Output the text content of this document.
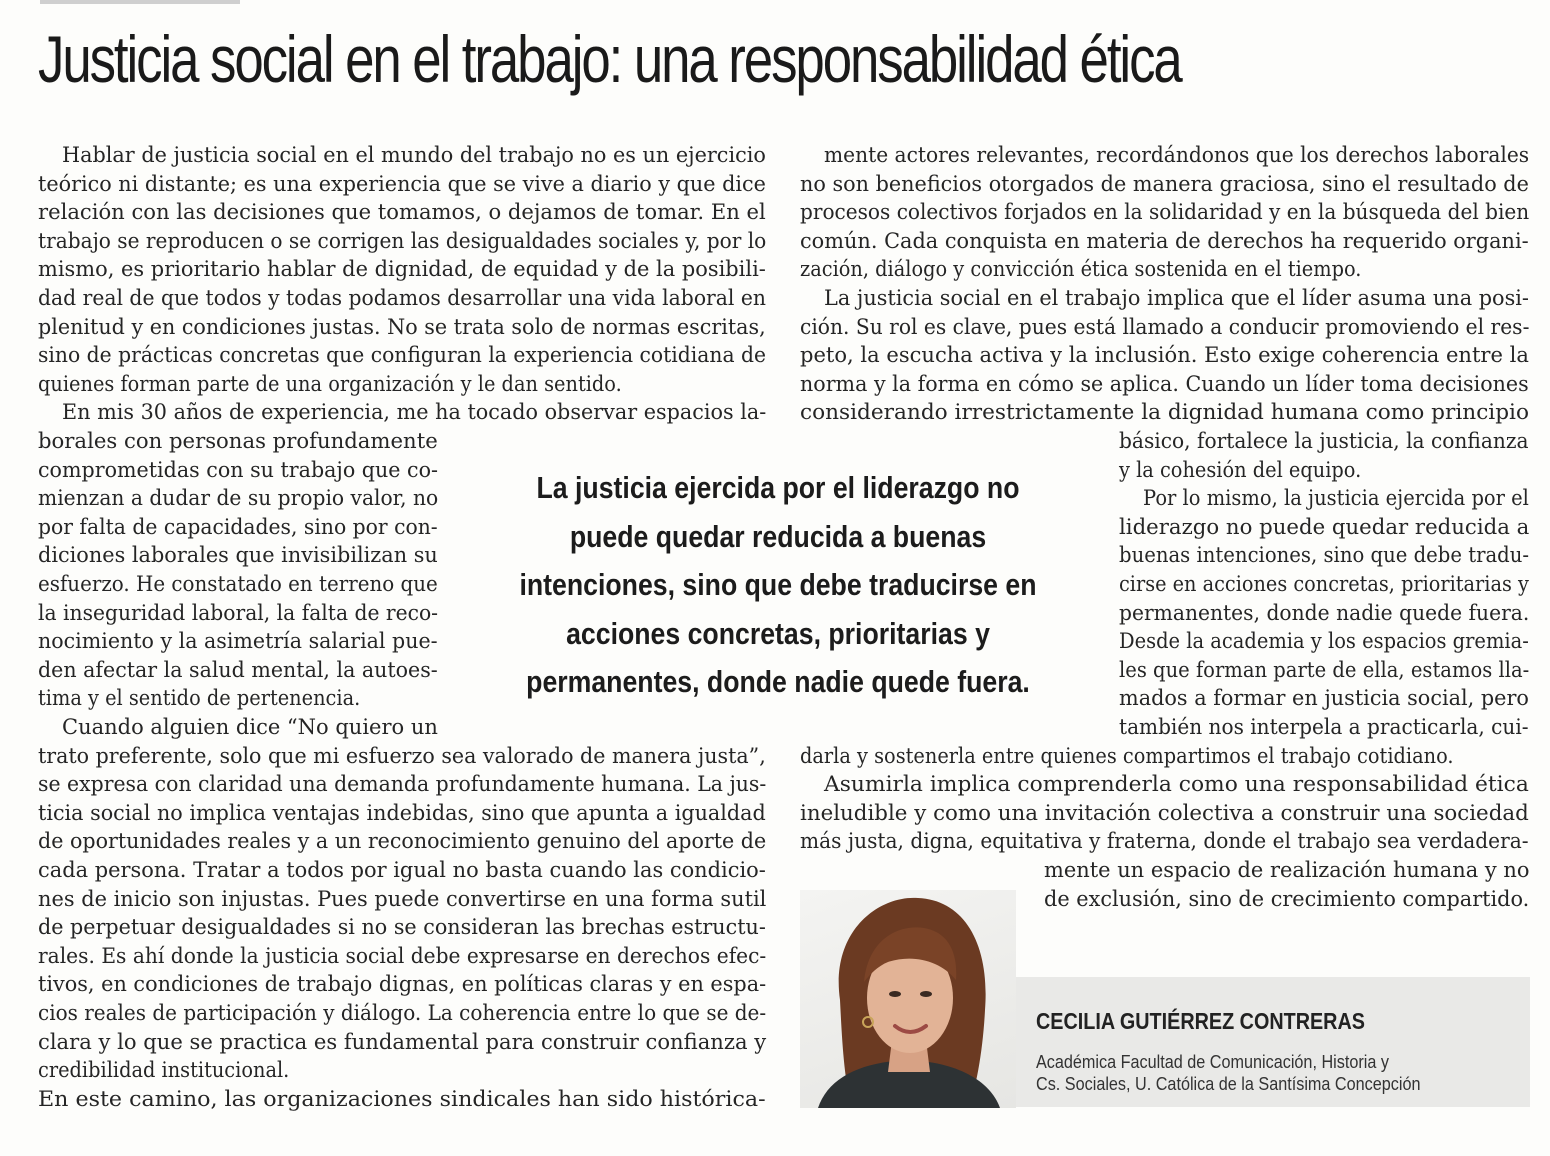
Justicia social en el trabajo: una responsabilidad ética
Hablar de justicia social en el mundo del trabajo no es un ejercicio
teórico ni distante; es una experiencia que se vive a diario y que dice
relación con las decisiones que tomamos, o dejamos de tomar. En el
trabajo se reproducen o se corrigen las desigualdades sociales y, por lo
mismo, es prioritario hablar de dignidad, de equidad y de la posibili-
dad real de que todos y todas podamos desarrollar una vida laboral en
plenitud y en condiciones justas. No se trata solo de normas escritas,
sino de prácticas concretas que configuran la experiencia cotidiana de
quienes forman parte de una organización y le dan sentido.
En mis 30 años de experiencia, me ha tocado observar espacios la-
borales con personas profundamente
comprometidas con su trabajo que co-
mienzan a dudar de su propio valor, no
por falta de capacidades, sino por con-
diciones laborales que invisibilizan su
esfuerzo. He constatado en terreno que
la inseguridad laboral, la falta de reco-
nocimiento y la asimetría salarial pue-
den afectar la salud mental, la autoes-
tima y el sentido de pertenencia.
Cuando alguien dice “No quiero un
trato preferente, solo que mi esfuerzo sea valorado de manera justa”,
se expresa con claridad una demanda profundamente humana. La jus-
ticia social no implica ventajas indebidas, sino que apunta a igualdad
de oportunidades reales y a un reconocimiento genuino del aporte de
cada persona. Tratar a todos por igual no basta cuando las condicio-
nes de inicio son injustas. Pues puede convertirse en una forma sutil
de perpetuar desigualdades si no se consideran las brechas estructu-
rales. Es ahí donde la justicia social debe expresarse en derechos efec-
tivos, en condiciones de trabajo dignas, en políticas claras y en espa-
cios reales de participación y diálogo. La coherencia entre lo que se de-
clara y lo que se practica es fundamental para construir confianza y
credibilidad institucional.
En este camino, las organizaciones sindicales han sido histórica-
mente actores relevantes, recordándonos que los derechos laborales
no son beneficios otorgados de manera graciosa, sino el resultado de
procesos colectivos forjados en la solidaridad y en la búsqueda del bien
común. Cada conquista en materia de derechos ha requerido organi-
zación, diálogo y convicción ética sostenida en el tiempo.
La justicia social en el trabajo implica que el líder asuma una posi-
ción. Su rol es clave, pues está llamado a conducir promoviendo el res-
peto, la escucha activa y la inclusión. Esto exige coherencia entre la
norma y la forma en cómo se aplica. Cuando un líder toma decisiones
considerando irrestrictamente la dignidad humana como principio
básico, fortalece la justicia, la confianza
y la cohesión del equipo.
Por lo mismo, la justicia ejercida por el
liderazgo no puede quedar reducida a
buenas intenciones, sino que debe tradu-
cirse en acciones concretas, prioritarias y
permanentes, donde nadie quede fuera.
Desde la academia y los espacios gremia-
les que forman parte de ella, estamos lla-
mados a formar en justicia social, pero
también nos interpela a practicarla, cui-
darla y sostenerla entre quienes compartimos el trabajo cotidiano.
Asumirla implica comprenderla como una responsabilidad ética
ineludible y como una invitación colectiva a construir una sociedad
más justa, digna, equitativa y fraterna, donde el trabajo sea verdadera-
mente un espacio de realización humana y no
de exclusión, sino de crecimiento compartido.
La justicia ejercida por el liderazgo no
puede quedar reducida a buenas
intenciones, sino que debe traducirse en
acciones concretas, prioritarias y
permanentes, donde nadie quede fuera.
CECILIA GUTIÉRREZ CONTRERAS
Académica Facultad de Comunicación, Historia y
Cs. Sociales, U. Católica de la Santísima Concepción
